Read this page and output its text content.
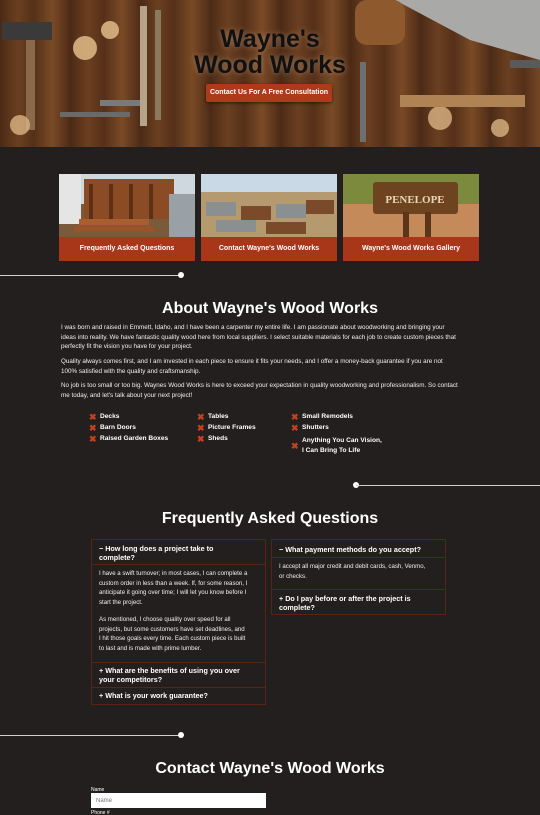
Wayne's
Wood Works
Contact Us For A Free Consultation
Frequently Asked Questions	Contact Wayne's Wood Works
PENELOPE
Wayne's Wood Works Gallery
About Wayne's Wood Works
I was born and raised in Emmett, Idaho, and I have been a carpenter my entire life. I am passionate about woodworking and bringing your
ideas into reality. We have fantastic quality wood here from local suppliers. I select suitable materials for each job to create custom pieces that
perfectly fit the vision you have for your project.
Quality always comes first, and I am invested in each piece to ensure it fits your needs, and I offer a money-back guarantee if you are not
100% satisfied with the quality and craftsmanship.
No job is too small or too big. Waynes Wood Works is here to exceed your expectation in quality woodworking and professionalism. So contact
me today, and let's talk about your next project!
✖ Decks
✖ Barn Doors
✖ Raised Garden Boxes
✖ Tables
✖ Picture Frames
✖ Sheds
✖ Small Remodels
✖ Shutters
✖ Anything You Can Vision,
I Can Bring To Life
Frequently Asked Questions
− How long does a project take to
complete?
I have a swift turnover; in most cases, I can complete a
custom order in less than a week. If, for some reason, I
anticipate it going over time; I will let you know before I
start the project.
As mentioned, I choose quality over speed for all
projects, but some customers have set deadlines, and
I hit those goals every time. Each custom piece is built
to last and is made with prime lumber.
+ What are the benefits of using you over
your competitors?
+ What is your work guarantee?
− What payment methods do you accept?
I accept all major credit and debit cards, cash, Venmo,
or checks.
+ Do I pay before or after the project is
complete?
Contact Wayne's Wood Works
Name
Name
Phone #
